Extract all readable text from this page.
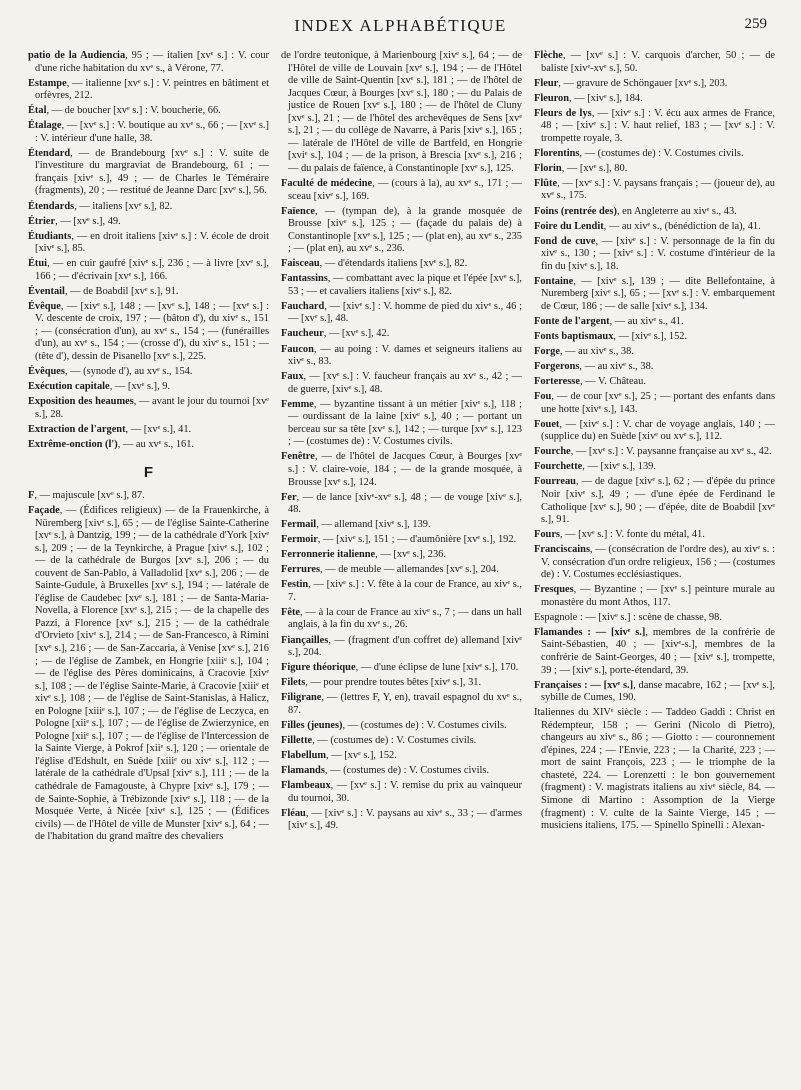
INDEX ALPHABÉTIQUE	259
patio de la Audiencia, 95 ; — italien [xvᵉ s.] : V. cour d'une riche habitation du xvᵉ s., à Vérone, 77.
Estampe, — italienne [xvᵉ s.] : V. peintres en bâtiment et orfèvres, 212.
Étal, — de boucher [xvᵉ s.] : V. boucherie, 66.
Étalage, — [xvᵉ s.] : V. boutique au xvᵉ s., 66 ; — [xvᵉ s.] : V. intérieur d'une halle, 38.
Étendard, — de Brandebourg [xvᵉ s.] : V. suite de l'investiture du margraviat de Brandebourg, 61 ; — français [xivᵉ s.], 49 ; — de Charles le Téméraire (fragments), 20 ; — restitué de Jeanne Darc [xvᵉ s.], 56.
Étendards, — italiens [xvᵉ s.], 82.
Étrier, — [xvᵉ s.], 49.
Étudiants, — en droit italiens [xivᵉ s.] : V. école de droit [xivᵉ s.], 85.
Étui, — en cuir gaufré [xivᵉ s.], 236 ; — à livre [xvᵉ s.], 166 ; — d'écrivain [xvᵉ s.], 166.
Éventail, — de Boabdil [xvᵉ s.], 91.
Évêque, — [xivᵉ s.], 148 ; — [xvᵉ s.], 148 ; — [xvᵉ s.] : V. descente de croix, 197 ; — (bâton d'), du xivᵉ s., 151 ; — (consécration d'un), au xvᵉ s., 154 ; — (funérailles d'un), au xvᵉ s., 154 ; — (crosse d'), du xivᵉ s., 151 ; — (tête d'), dessin de Pisanello [xvᵉ s.], 225.
Évêques, — (synode d'), au xvᵉ s., 154.
Exécution capitale, — [xvᵉ s.], 9.
Exposition des heaumes, — avant le jour du tournoi [xvᵉ s.], 28.
Extraction de l'argent, — [xvᵉ s.], 41.
Extrême-onction (l'), — au xvᵉ s., 161.
F
F, — majuscule [xvᵉ s.], 87.
Façade, — (Édifices religieux) — de la Frauenkirche, à Nüremberg [xivᵉ s.], 65 ; — de l'église Sainte-Catherine [xvᵉ s.], à Dantzig, 199 ; — de la cathédrale d'York [xivᵉ s.], 209 ; — de la Teynkirche, à Prague [xivᵉ s.], 102 ; — de la cathédrale de Burgos [xvᵉ s.], 206 ; — du couvent de San-Pablo, à Valladolid [xvᵉ s.], 206 ; — de Sainte-Gudule, à Bruxelles [xvᵉ s.], 194 ; — latérale de l'église de Caudebec [xvᵉ s.], 181 ; — de Santa-Maria-Novella, à Florence [xvᵉ s.], 215 ; — de la chapelle des Pazzi, à Florence [xvᵉ s.], 215 ; — de la cathédrale d'Orvieto [xivᵉ s.], 214 ; — de San-Francesco, à Rimini [xvᵉ s.], 216 ; — de San-Zaccaria, à Venise [xvᵉ s.], 216 ; — de l'église de Zambek, en Hongrie [xiiiᵉ s.], 104 ; — de l'église des Pères dominicains, à Cracovie [xivᵉ s.], 108 ; — de l'église Sainte-Marie, à Cracovie [xiiiᵉ et xivᵉ s.], 108 ; — de l'église de Saint-Stanislas, à Halicz, en Pologne [xiiiᵉ s.], 107 ; — de l'église de Leczyca, en Pologne [xiiᵉ s.], 107 ; — de l'église de Zwierzynice, en Pologne [xiiᵉ s.], 107 ; — de l'église de l'Intercession de la Sainte Vierge, à Pokrof [xiiᵉ s.], 120 ; — orientale de l'église d'Edshult, en Suède [xiiiᵉ ou xivᵉ s.], 112 ; — latérale de la cathédrale d'Upsal [xivᵉ s.], 111 ; — de la cathédrale de Famagouste, à Chypre [xivᵉ s.], 179 ; — de Sainte-Sophie, à Trébizonde [xivᵉ s.], 118 ; — de la Mosquée Verte, à Nicée [xivᵉ s.], 125 ; — (Édifices civils) — de l'Hôtel de ville de Munster [xivᵉ s.], 64 ; — de l'habitation du grand maître des chevaliers
de l'ordre teutonique, à Marienbourg [xivᵉ s.], 64 ; — de l'Hôtel de ville de Louvain [xvᵉ s.], 194 ; — de l'Hôtel de ville de Saint-Quentin [xvᵉ s.], 181 ; — de l'hôtel de Jacques Cœur, à Bourges [xvᵉ s.], 180 ; — du Palais de justice de Rouen [xvᵉ s.], 180 ; — de l'hôtel de Cluny [xvᵉ s.], 21 ; — de l'hôtel des archevêques de Sens [xvᵉ s.], 21 ; — du collège de Navarre, à Paris [xivᵉ s.], 165 ; — latérale de l'Hôtel de ville de Bartfeld, en Hongrie [xviᵉ s.], 104 ; — de la prison, à Brescia [xvᵉ s.], 216 ; — du palais de faïence, à Constantinople [xvᵉ s.], 125.
Faculté de médecine, — (cours à la), au xvᵉ s., 171 ; — sceau [xivᵉ s.], 169.
Faïence, — (tympan de), à la grande mosquée de Brousse [xivᵉ s.], 125 ; — (façade du palais de) à Constantinople [xvᵉ s.], 125 ; — (plat en), au xvᵉ s., 235 ; — (plat en), au xvᵉ s., 236.
Faisceau, — d'étendards italiens [xvᵉ s.], 82.
Fantassins, — combattant avec la pique et l'épée [xvᵉ s.], 53 ; — et cavaliers italiens [xivᵉ s.], 82.
Fauchard, — [xivᵉ s.] : V. homme de pied du xivᵉ s., 46 ; — [xvᵉ s.], 48.
Faucheur, — [xvᵉ s.], 42.
Faucon, — au poing : V. dames et seigneurs italiens au xivᵉ s., 83.
Faux, — [xvᵉ s.] : V. faucheur français au xvᵉ s., 42 ; — de guerre, [xivᵉ s.], 48.
Femme, — byzantine tissant à un métier [xivᵉ s.], 118 ; — ourdissant de la laine [xivᵉ s.], 40 ; — portant un berceau sur sa tête [xvᵉ s.], 142 ; — turque [xvᵉ s.], 123 ; — (costumes de) : V. Costumes civils.
Fenêtre, — de l'hôtel de Jacques Cœur, à Bourges [xvᵉ s.] : V. claire-voie, 184 ; — de la grande mosquée, à Brousse [xvᵉ s.], 124.
Fer, — de lance [xivᵉ-xvᵉ s.], 48 ; — de vouge [xivᵉ s.], 48.
Fermail, — allemand [xivᵉ s.], 139.
Fermoir, — [xivᵉ s.], 151 ; — d'aumônière [xvᵉ s.], 192.
Ferronnerie italienne, — [xvᵉ s.], 236.
Ferrures, — de meuble — allemandes [xvᵉ s.], 204.
Festin, — [xivᵉ s.] : V. fête à la cour de France, au xivᵉ s., 7.
Fête, — à la cour de France au xivᵉ s., 7 ; — dans un hall anglais, à la fin du xvᵉ s., 26.
Fiançailles, — (fragment d'un coffret de) allemand [xivᵉ s.], 204.
Figure théorique, — d'une éclipse de lune [xivᵉ s.], 170.
Filets, — pour prendre toutes bêtes [xivᵉ s.], 31.
Filigrane, — (lettres F, Y, en), travail espagnol du xvᵉ s., 87.
Filles (jeunes), — (costumes de) : V. Costumes civils.
Fillette, — (costumes de) : V. Costumes civils.
Flabellum, — [xvᵉ s.], 152.
Flamands, — (costumes de) : V. Costumes civils.
Flambeaux, — [xvᵉ s.] : V. remise du prix au vainqueur du tournoi, 30.
Fléau, — [xivᵉ s.] : V. paysans au xivᵉ s., 33 ; — d'armes [xivᵉ s.], 49.
Flèche, — [xvᵉ s.] : V. carquois d'archer, 50 ; — de baliste [xivᵉ-xvᵉ s.], 50.
Fleur, — gravure de Schöngauer [xvᵉ s.], 203.
Fleuron, — [xivᵉ s.], 184.
Fleurs de lys, — [xivᵉ s.] : V. écu aux armes de France, 48 ; — [xivᵉ s.] : V. haut relief, 183 ; — [xvᵉ s.] : V. trompette royale, 3.
Florentins, — (costumes de) : V. Costumes civils.
Florin, — [xvᵉ s.], 80.
Flûte, — [xvᵉ s.] : V. paysans français ; — (joueur de), au xvᵉ s., 175.
Foins (rentrée des), en Angleterre au xivᵉ s., 43.
Foire du Lendit, — au xivᵉ s., (bénédiction de la), 41.
Fond de cuve, — [xivᵉ s.] : V. personnage de la fin du xivᵉ s., 130 ; — [xivᵉ s.] : V. costume d'intérieur de la fin du [xivᵉ s.], 18.
Fontaine, — [xivᵉ s.], 139 ; — dite Bellefontaine, à Nuremberg [xivᵉ s.], 65 ; — [xvᵉ s.] : V. embarquement de Cœur, 186 ; — de salle [xivᵉ s.], 134.
Fonte de l'argent, — au xivᵉ s., 41.
Fonts baptismaux, — [xivᵉ s.], 152.
Forge, — au xivᵉ s., 38.
Forgerons, — au xivᵉ s., 38.
Forteresse, — V. Château.
Fou, — de cour [xvᵉ s.], 25 ; — portant des enfants dans une hotte [xivᵉ s.], 143.
Fouet, — [xivᵉ s.] : V. char de voyage anglais, 140 ; — (supplice du) en Suède [xivᵉ ou xvᵉ s.], 112.
Fourche, — [xvᵉ s.] : V. paysanne française au xvᵉ s., 42.
Fourchette, — [xivᵉ s.], 139.
Fourreau, — de dague [xivᵉ s.], 62 ; — d'épée du prince Noir [xivᵉ s.], 49 ; — d'une épée de Ferdinand le Catholique [xvᵉ s.], 90 ; — d'épée, dite de Boabdil [xvᵉ s.], 91.
Fours, — [xvᵉ s.] : V. fonte du métal, 41.
Franciscains, — (consécration de l'ordre des), au xivᵉ s. : V. consécration d'un ordre religieux, 156 ; — (costumes de) : V. Costumes ecclésiastiques.
Fresques, — Byzantine ; — [xvᵉ s.] peinture murale au monastère du mont Athos, 117.
Espagnole : — [xivᵉ s.] : scène de chasse, 98.
Flamandes : — [xivᵉ s.], membres de la confrérie de Saint-Sébastien, 40 ; — [xivᵉ-s.], membres de la confrérie de Saint-Georges, 40 ; — [xivᵉ s.], trompette, 39 ; — [xivᵉ s.], porte-étendard, 39.
Françaises : — [xvᵉ s.], danse macabre, 162 ; — [xvᵉ s.], sybille de Cumes, 190.
Italiennes du XIVᵉ siècle : — Taddeo Gaddi : Christ en Rédempteur, 158 ; — Gerini (Nicolo di Pietro), changeurs au xivᵉ s., 86 ; — Giotto : — couronnement d'épines, 224 ; — l'Envie, 223 ; — la Charité, 223 ; — mort de saint François, 223 ; — le triomphe de la chasteté, 224. — Lorenzetti : le bon gouvernement (fragment) : V. magistrats italiens au xivᵉ siècle, 84. — Simone di Martino : Assomption de la Vierge (fragment) : V. culte de la Sainte Vierge, 145 ; — musiciens italiens, 175. — Spinello Spinelli : Alexan-
